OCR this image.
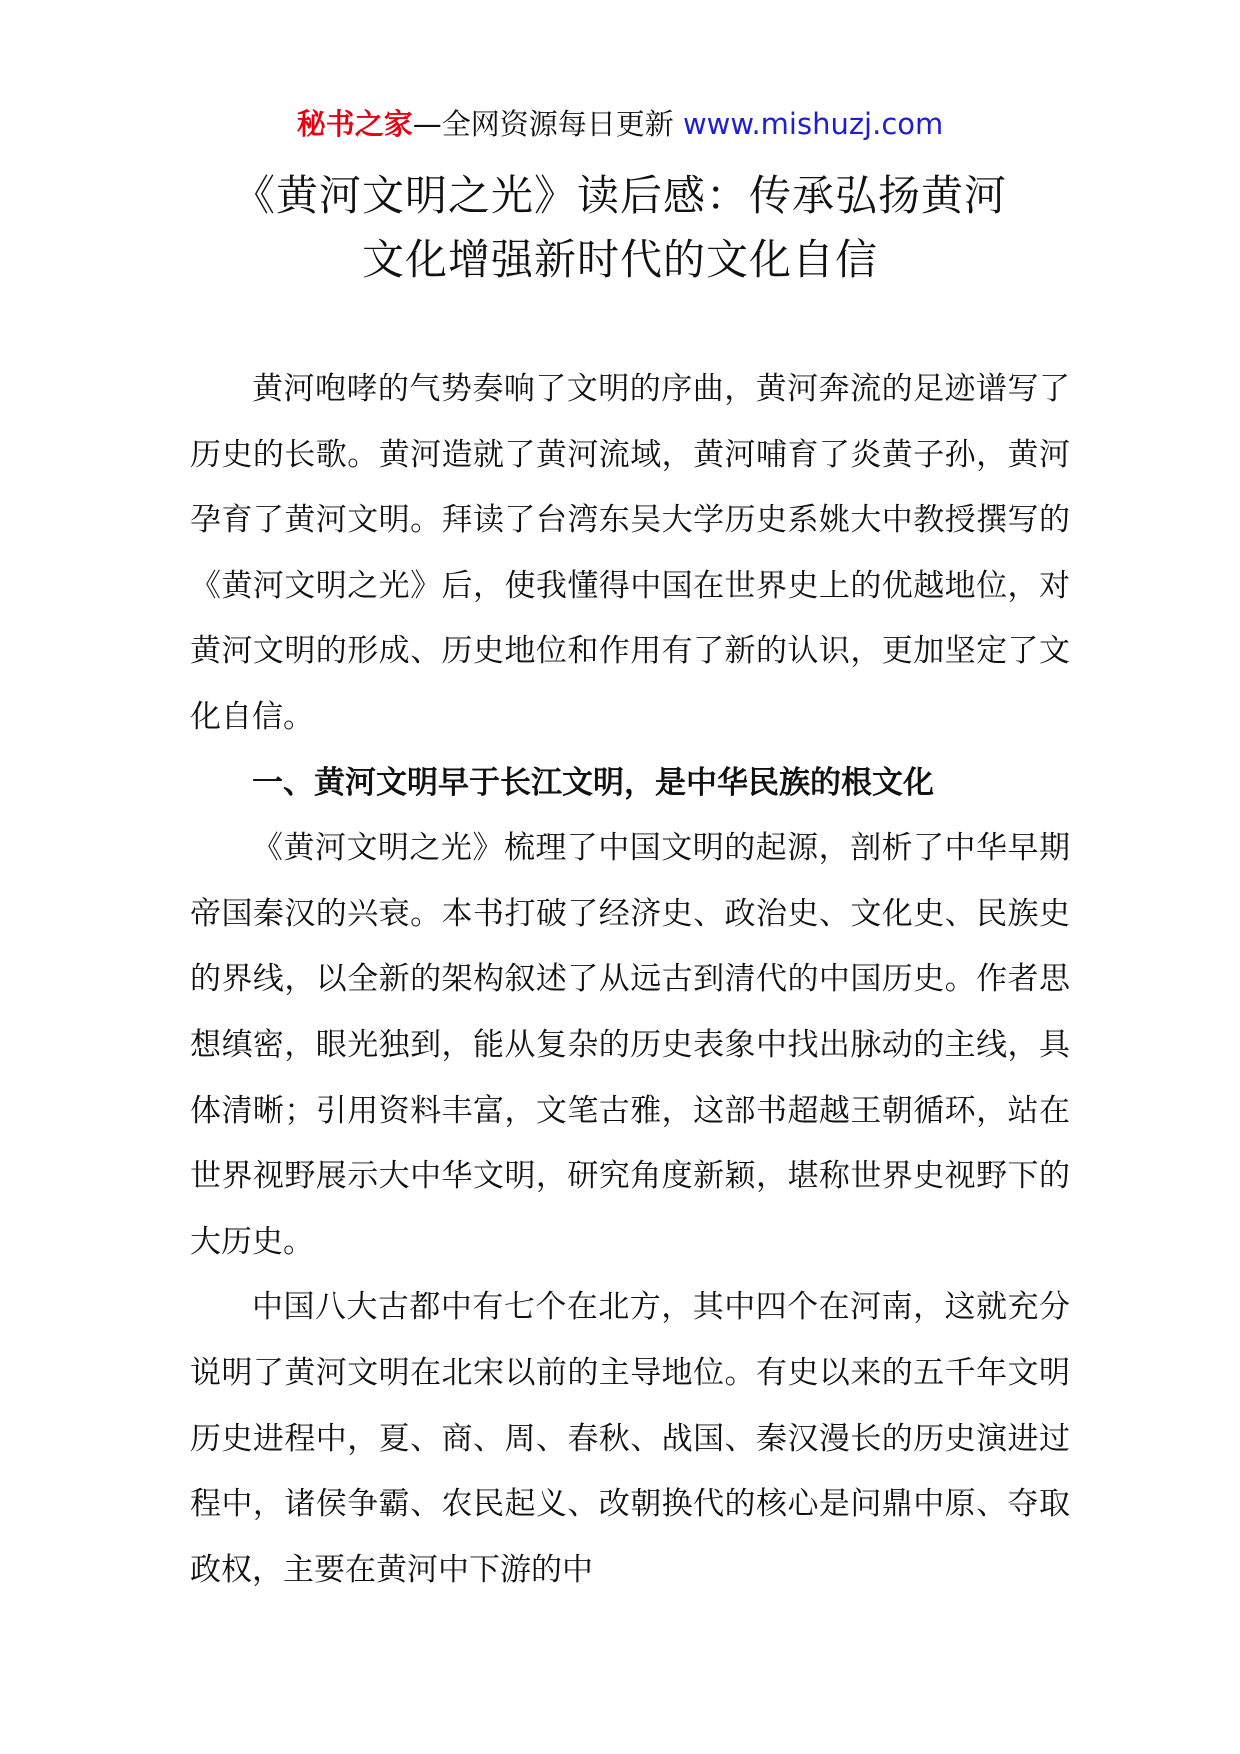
秘书之家—全网资源每日更新 www.mishuzj.com
《黄河文明之光》读后感：传承弘扬黄河
文化增强新时代的文化自信

黄河咆哮的气势奏响了文明的序曲，黄河奔流的足迹谱写了历史的长歌。黄河造就了黄河流域，黄河哺育了炎黄子孙，黄河孕育了黄河文明。拜读了台湾东吴大学历史系姚大中教授撰写的《黄河文明之光》后，使我懂得中国在世界史上的优越地位，对黄河文明的形成、历史地位和作用有了新的认识，更加坚定了文化自信。

一、黄河文明早于长江文明，是中华民族的根文化

《黄河文明之光》梳理了中国文明的起源，剖析了中华早期帝国秦汉的兴衰。本书打破了经济史、政治史、文化史、民族史的界线，以全新的架构叙述了从远古到清代的中国历史。作者思想缜密，眼光独到，能从复杂的历史表象中找出脉动的主线，具体清晰；引用资料丰富，文笔古雅，这部书超越王朝循环，站在世界视野展示大中华文明，研究角度新颖，堪称世界史视野下的大历史。

中国八大古都中有七个在北方，其中四个在河南，这就充分说明了黄河文明在北宋以前的主导地位。有史以来的五千年文明历史进程中，夏、商、周、春秋、战国、秦汉漫长的历史演进过程中，诸侯争霸、农民起义、改朝换代的核心是问鼎中原、夺取政权，主要在黄河中下游的中
